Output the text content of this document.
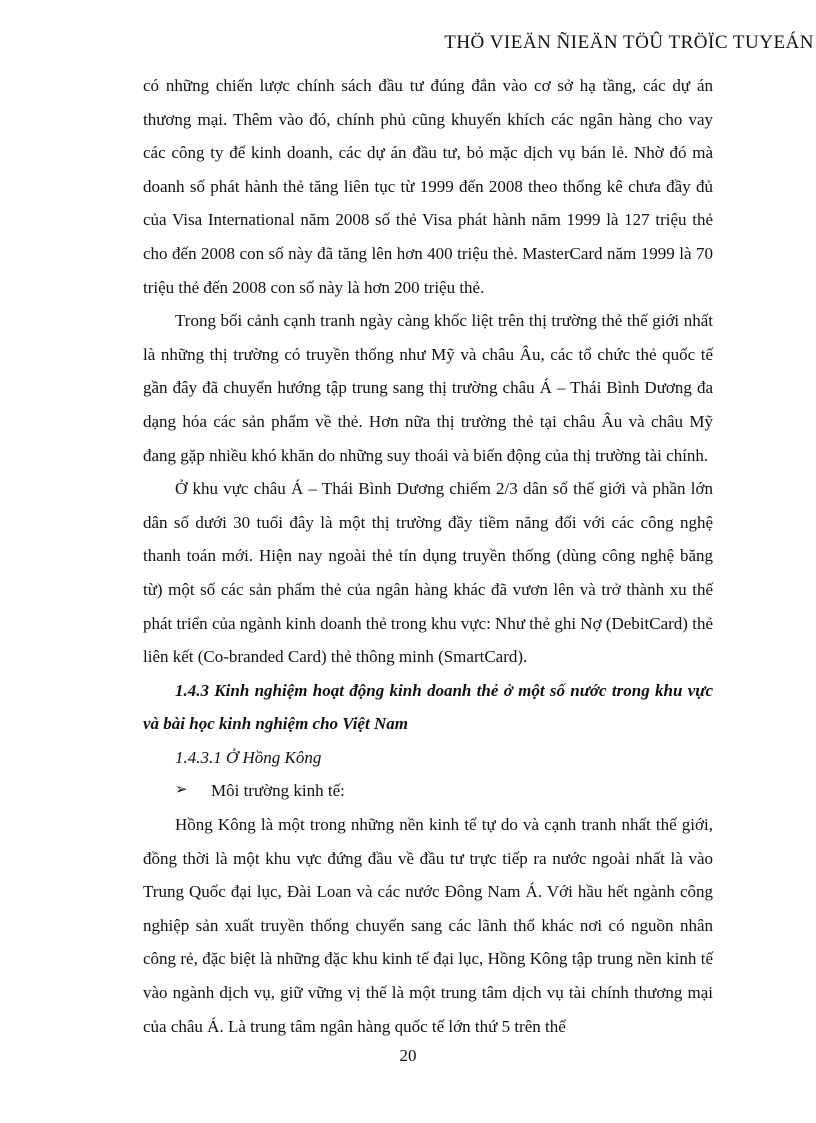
THÖ VIEÄN ÑIEÄN TÖÛ TRÖÏC TUYEÁN

có những chiến lược chính sách đầu tư đúng đắn vào cơ sở hạ tầng, các dự án thương mại. Thêm vào đó, chính phủ cũng khuyến khích các ngân hàng cho vay các công ty để kinh doanh, các dự án đầu tư, bỏ mặc dịch vụ bán lẻ. Nhờ đó mà doanh số phát hành thẻ tăng liên tục từ 1999 đến 2008 theo thống kê chưa đầy đủ của Visa International năm 2008 số thẻ Visa phát hành năm 1999 là 127 triệu thẻ cho đến 2008 con số này đã tăng lên hơn 400 triệu thẻ. MasterCard năm 1999 là 70 triệu thẻ đến 2008 con số này là hơn 200 triệu thẻ.

Trong bối cảnh cạnh tranh ngày càng khốc liệt trên thị trường thẻ thế giới nhất là những thị trường có truyền thống như Mỹ và châu Âu, các tổ chức thẻ quốc tế gần đây đã chuyển hướng tập trung sang thị trường châu Á – Thái Bình Dương đa dạng hóa các sản phẩm về thẻ. Hơn nữa thị trường thẻ tại châu Âu và châu Mỹ đang gặp nhiều khó khăn do những suy thoái và biến động của thị trường tài chính.

Ở khu vực châu Á – Thái Bình Dương chiếm 2/3 dân số thế giới và phần lớn dân số dưới 30 tuổi đây là một thị trường đầy tiềm năng đối với các công nghệ thanh toán mới. Hiện nay ngoài thẻ tín dụng truyền thống (dùng công nghệ băng từ) một số các sản phẩm thẻ của ngân hàng khác đã vươn lên và trở thành xu thế phát triển của ngành kinh doanh thẻ trong khu vực: Như thẻ ghi Nợ (DebitCard) thẻ liên kết (Co-branded Card) thẻ thông minh (SmartCard).

1.4.3 Kinh nghiệm hoạt động kinh doanh thẻ ở một số nước trong khu vực và bài học kinh nghiệm cho Việt Nam

1.4.3.1 Ở Hồng Kông

➢	Môi trường kinh tế:

Hồng Kông là một trong những nền kinh tế tự do và cạnh tranh nhất thế giới, đồng thời là một khu vực đứng đầu về đầu tư trực tiếp ra nước ngoài nhất là vào Trung Quốc đại lục, Đài Loan và các nước Đông Nam Á. Với hầu hết ngành công nghiệp sản xuất truyền thống chuyển sang các lãnh thổ khác nơi có nguồn nhân công rẻ, đặc biệt là những đặc khu kinh tế đại lục, Hồng Kông tập trung nền kinh tế vào ngành dịch vụ, giữ vững vị thế là một trung tâm dịch vụ tài chính thương mại của châu Á. Là trung tâm ngân hàng quốc tế lớn thứ 5 trên thế

20
